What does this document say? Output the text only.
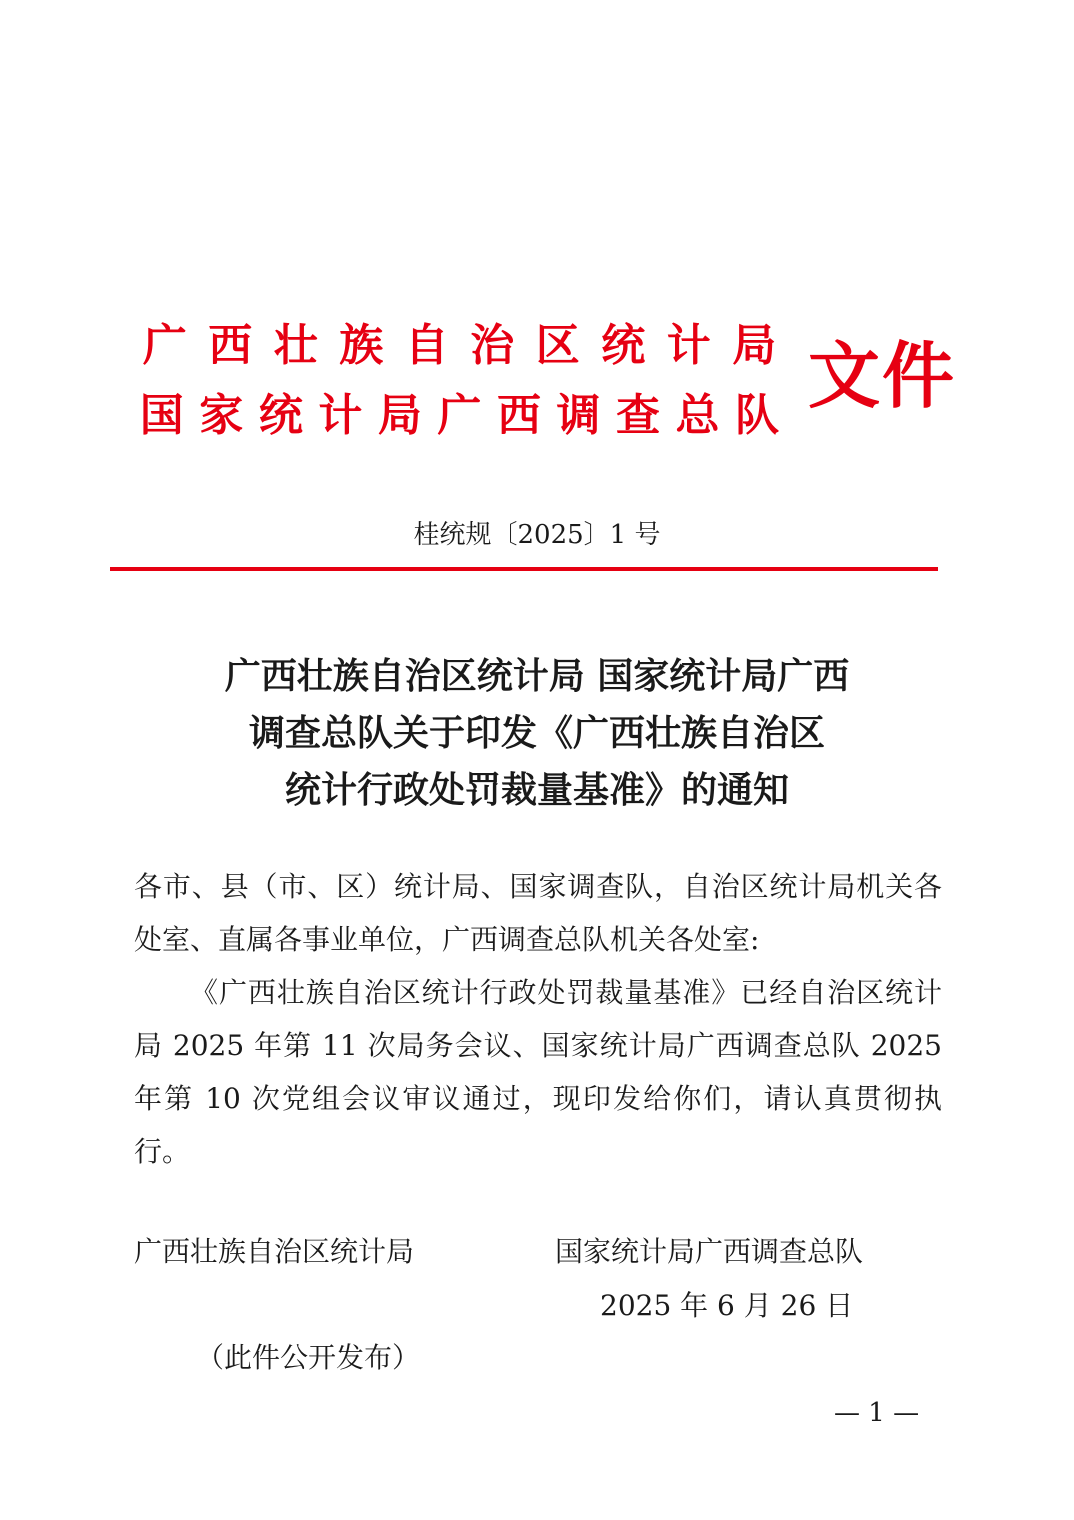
广 西 壮 族 自 治 区 统 计 局
国 家 统 计 局 广 西 调 查 总 队 文件
桂统规〔2025〕1 号
广西壮族自治区统计局 国家统计局广西
调查总队关于印发《广西壮族自治区
统计行政处罚裁量基准》的通知
各市、县（市、区）统计局、国家调查队，自治区统计局机关各处室、直属各事业单位，广西调查总队机关各处室:
《广西壮族自治区统计行政处罚裁量基准》已经自治区统计局 2025 年第 11 次局务会议、国家统计局广西调查总队 2025 年第 10 次党组会议审议通过，现印发给你们，请认真贯彻执行。
广西壮族自治区统计局	国家统计局广西调查总队
2025 年 6 月 26 日
（此件公开发布）
— 1 —
